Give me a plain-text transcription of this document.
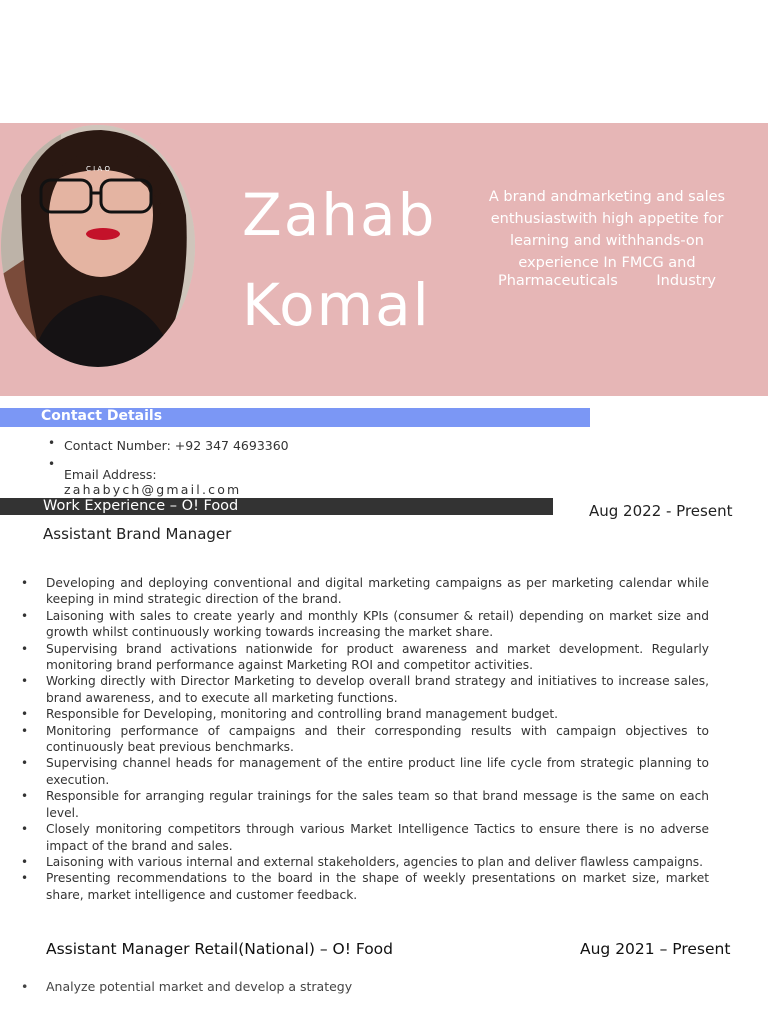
C I A O
Zahab
Komal
A brand andmarketing and sales
enthusiastwith high appetite for
learning and withhands-on
experience In FMCG and
Pharmaceuticals Industry
Contact Details
• Contact Number: +92 347 4693360
•
Email Address:
zahabych@gmail.com
Work Experience – O! Food	Aug 2022 - Present
Assistant Brand Manager
• Developing and deploying conventional and digital marketing campaigns as per marketing calendar while keeping in mind strategic direction of the brand.
• Laisoning with sales to create yearly and monthly KPIs (consumer & retail) depending on market size and growth whilst continuously working towards increasing the market share.
• Supervising brand activations nationwide for product awareness and market development. Regularly monitoring brand performance against Marketing ROI and competitor activities.
• Working directly with Director Marketing to develop overall brand strategy and initiatives to increase sales, brand awareness, and to execute all marketing functions.
• Responsible for Developing, monitoring and controlling brand management budget.
• Monitoring performance of campaigns and their corresponding results with campaign objectives to continuously beat previous benchmarks.
• Supervising channel heads for management of the entire product line life cycle from strategic planning to execution.
• Responsible for arranging regular trainings for the sales team so that brand message is the same on each level.
• Closely monitoring competitors through various Market Intelligence Tactics to ensure there is no adverse impact of the brand and sales.
• Laisoning with various internal and external stakeholders, agencies to plan and deliver flawless campaigns.
• Presenting recommendations to the board in the shape of weekly presentations on market size, market share, market intelligence and customer feedback.
Assistant Manager Retail(National) – O! Food	Aug 2021 – Present
• Analyze potential market and develop a strategy
